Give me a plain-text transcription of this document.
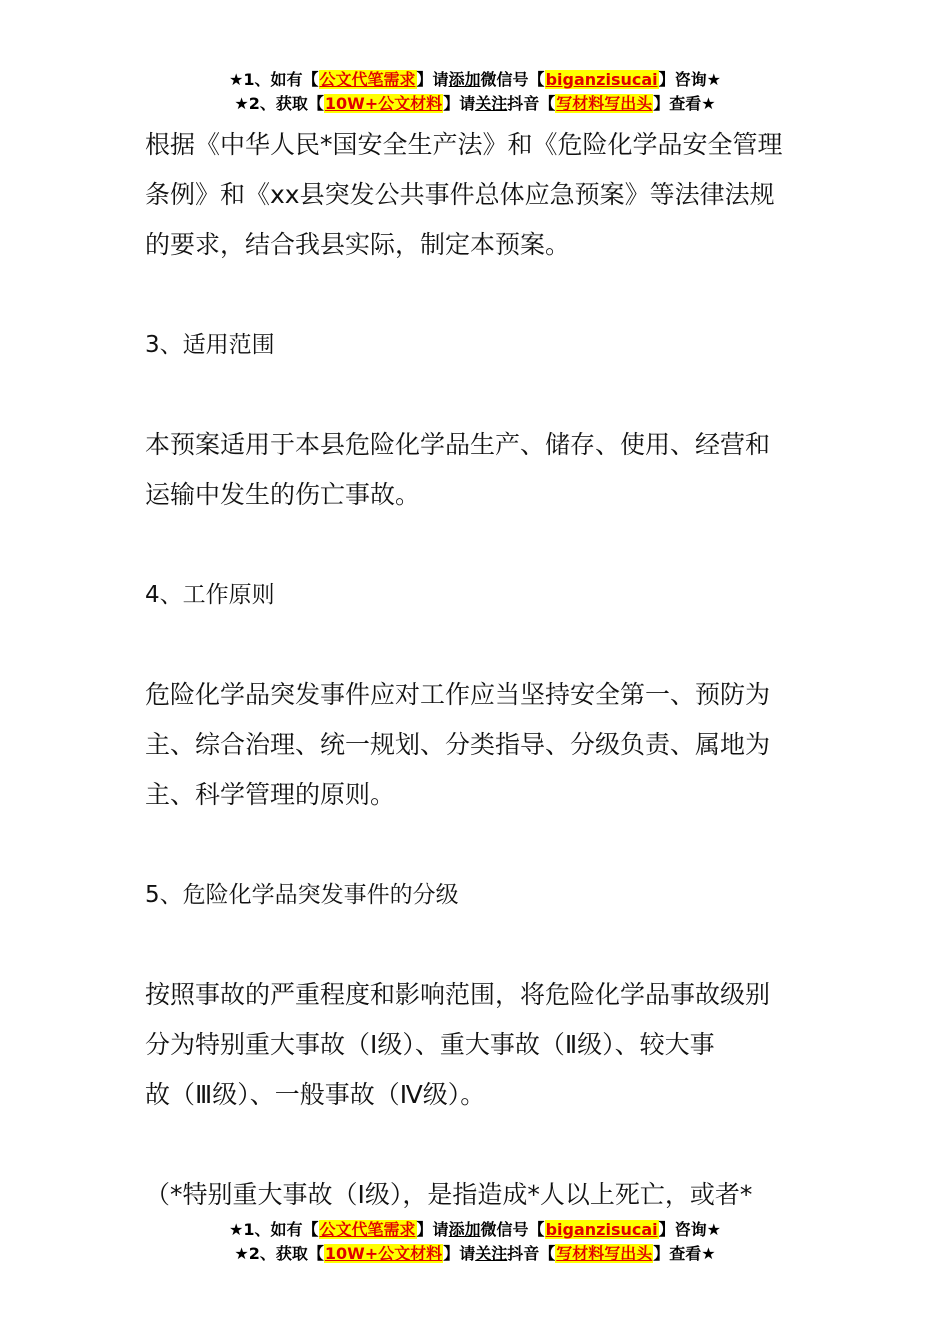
★1、如有【公文代笔需求】请添加微信号【biganzisucai】咨询★
★2、获取【10W+公文材料】请关注抖音【写材料写出头】查看★

根据《中华人民*国安全生产法》和《危险化学品安全管理

条例》和《xx县突发公共事件总体应急预案》等法律法规

的要求，结合我县实际，制定本预案。

3、适用范围

本预案适用于本县危险化学品生产、储存、使用、经营和

运输中发生的伤亡事故。

4、工作原则

危险化学品突发事件应对工作应当坚持安全第一、预防为

主、综合治理、统一规划、分类指导、分级负责、属地为

主、科学管理的原则。

5、危险化学品突发事件的分级

按照事故的严重程度和影响范围，将危险化学品事故级别

分为特别重大事故（Ⅰ级）、重大事故（Ⅱ级）、较大事

故（Ⅲ级）、一般事故（Ⅳ级）。

（*特别重大事故（Ⅰ级），是指造成*人以上死亡，或者*

★1、如有【公文代笔需求】请添加微信号【biganzisucai】咨询★
★2、获取【10W+公文材料】请关注抖音【写材料写出头】查看★
